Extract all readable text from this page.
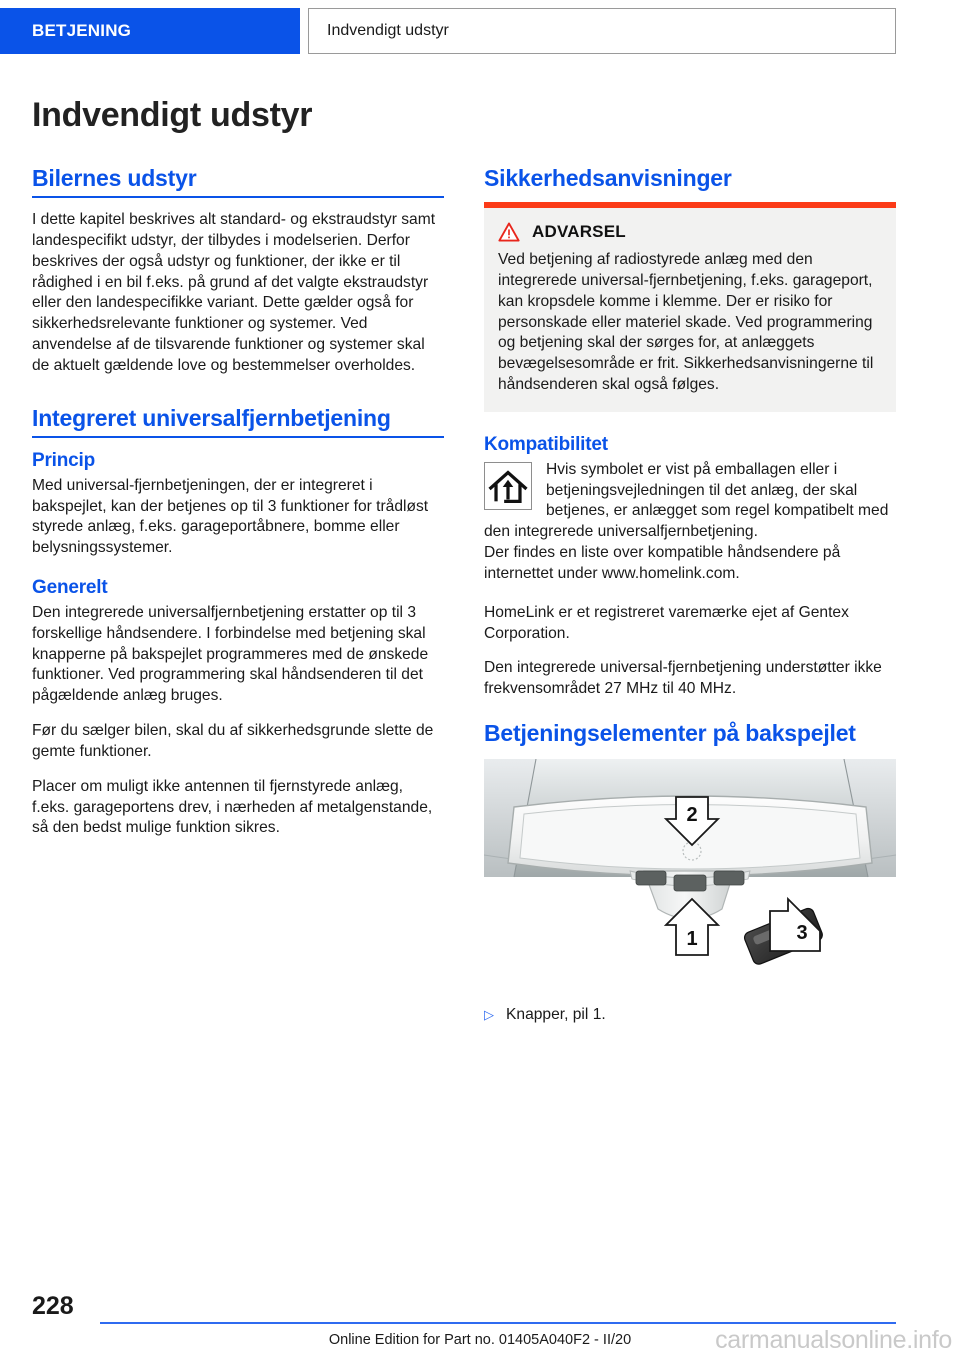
BETJENING	Indvendigt udstyr
Indvendigt udstyr
Bilernes udstyr

I dette kapitel beskrives alt standard- og ekstraudstyr samt landespecifikt udstyr, der tilbydes i modelserien. Derfor beskrives der også udstyr og funktioner, der ikke er til rådighed i en bil f.eks. på grund af det valgte ekstraudstyr eller den landespecifikke variant. Dette gælder også for sikkerhedsrelevante funktioner og systemer. Ved anvendelse af de tilsvarende funktioner og systemer skal de aktuelt gældende love og bestemmelser overholdes.

Integreret universalfjernbetjening
Princip

Med universal-fjernbetjeningen, der er integreret i bakspejlet, kan der betjenes op til 3 funktioner for trådløst styrede anlæg, f.eks. garageportåbnere, bomme eller belysningssystemer.

Generelt

Den integrerede universalfjernbetjening erstatter op til 3 forskellige håndsendere. I forbindelse med betjening skal knapperne på bakspejlet programmeres med de ønskede funktioner. Ved programmering skal håndsenderen til det pågældende anlæg bruges.

Før du sælger bilen, skal du af sikkerhedsgrunde slette de gemte funktioner.

Placer om muligt ikke antennen til fjernstyrede anlæg, f.eks. garageportens drev, i nærheden af metalgenstande, så den bedst mulige funktion sikres.

Sikkerhedsanvisninger
ADVARSEL

Ved betjening af radiostyrede anlæg med den integrerede universal-fjernbetjening, f.eks. garageport, kan kropsdele komme i klemme. Der er risiko for personskade eller materiel skade. Ved programmering og betjening skal der sørges for, at anlæggets bevægelsesområde er frit. Sikkerhedsanvisningerne til håndsenderen skal også følges.

Kompatibilitet

Hvis symbolet er vist på emballagen eller i betjeningsvejledningen til det anlæg, der skal betjenes, er anlægget som regel kompatibelt med den integrerede universalfjernbetjening.

Der findes en liste over kompatible håndsendere på internettet under www.homelink.com.

HomeLink er et registreret varemærke ejet af Gentex Corporation.

Den integrerede universal-fjernbetjening understøtter ikke frekvensområdet 27 MHz til 40 MHz.

Betjeningselementer på bakspejlet
2
1	3
▷ Knapper, pil 1.
228
Online Edition for Part no. 01405A040F2 - II/20	carmanualsonline.info
